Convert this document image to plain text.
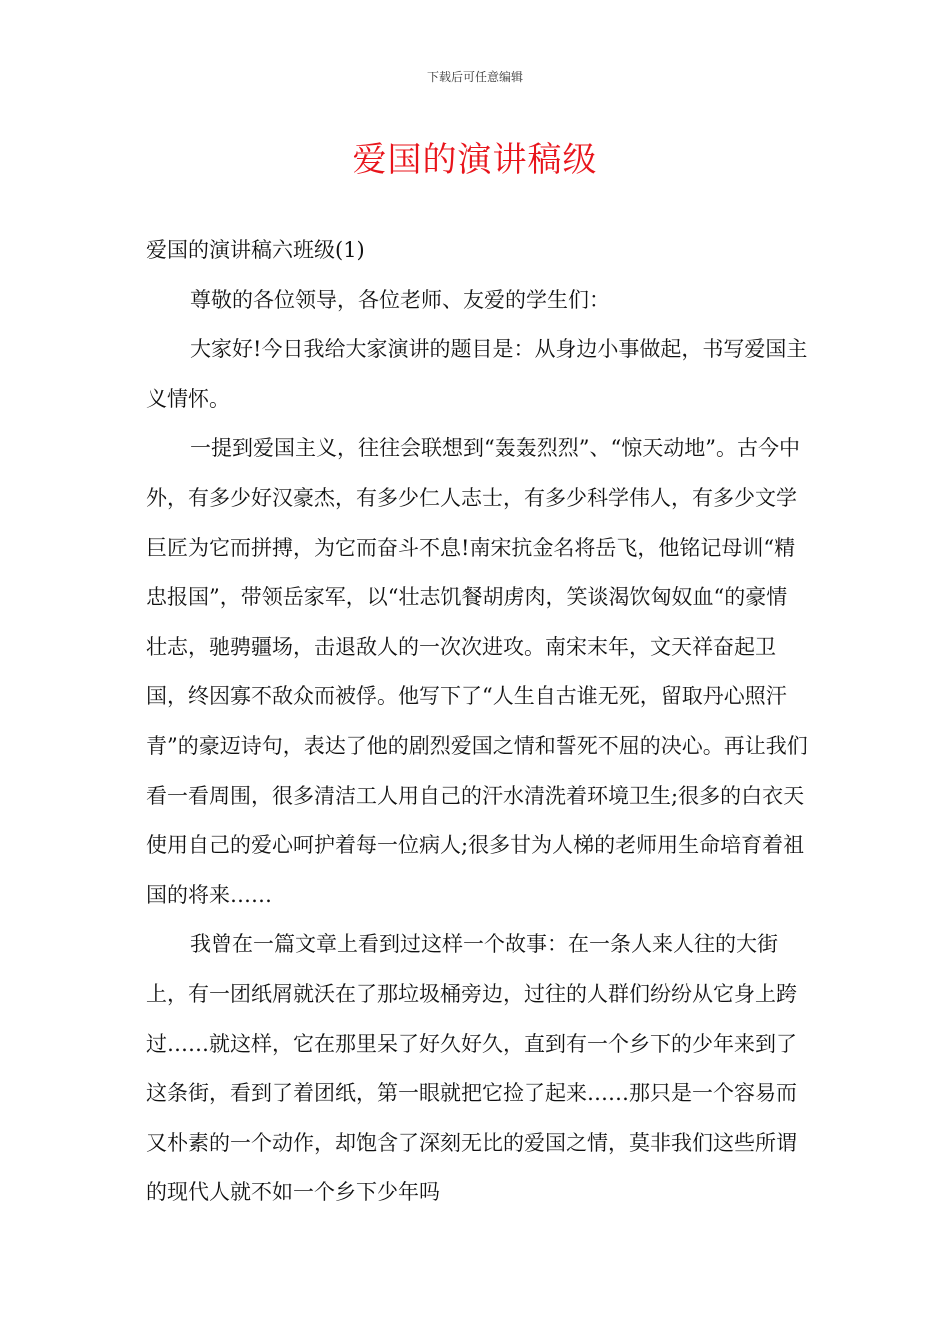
下载后可任意编辑
爱国的演讲稿级

爱国的演讲稿六班级(1)

尊敬的各位领导，各位老师、友爱的学生们：

大家好!今日我给大家演讲的题目是：从身边小事做起，书写爱国主义情怀。

一提到爱国主义，往往会联想到“轰轰烈烈”、“惊天动地”。古今中外，有多少好汉豪杰，有多少仁人志士，有多少科学伟人，有多少文学巨匠为它而拼搏，为它而奋斗不息!南宋抗金名将岳飞，他铭记母训“精忠报国”，带领岳家军，以“壮志饥餐胡虏肉，笑谈渴饮匈奴血“的豪情壮志，驰骋疆场，击退敌人的一次次进攻。南宋末年，文天祥奋起卫国，终因寡不敌众而被俘。他写下了“人生自古谁无死，留取丹心照汗青”的豪迈诗句，表达了他的剧烈爱国之情和誓死不屈的决心。再让我们看一看周围，很多清洁工人用自己的汗水清洗着环境卫生;很多的白衣天使用自己的爱心呵护着每一位病人;很多甘为人梯的老师用生命培育着祖国的将来……

我曾在一篇文章上看到过这样一个故事：在一条人来人往的大街上，有一团纸屑就沃在了那垃圾桶旁边，过往的人群们纷纷从它身上跨过……就这样，它在那里呆了好久好久，直到有一个乡下的少年来到了这条街，看到了着团纸，第一眼就把它捡了起来……那只是一个容易而又朴素的一个动作，却饱含了深刻无比的爱国之情，莫非我们这些所谓的现代人就不如一个乡下少年吗
